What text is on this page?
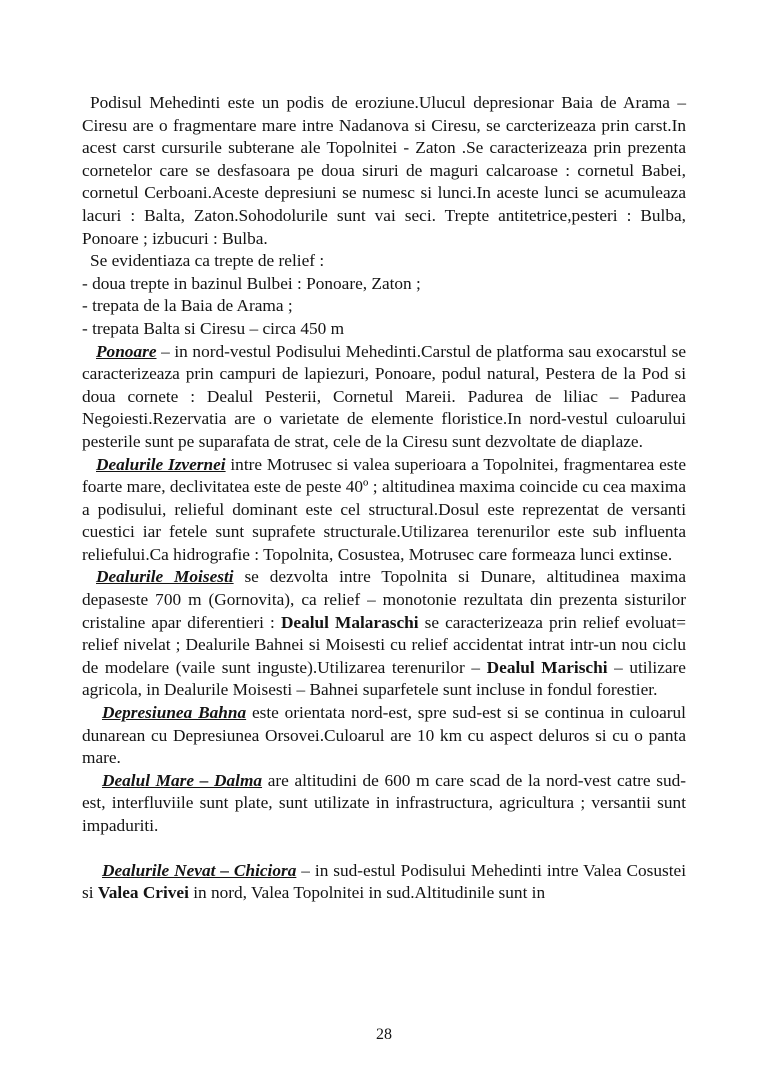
Podisul Mehedinti este un podis de eroziune.Ulucul depresionar Baia de Arama – Ciresu are o fragmentare mare intre Nadanova si Ciresu, se carcterizeaza prin carst.In acest carst cursurile subterane ale Topolnitei - Zaton .Se caracterizeaza prin prezenta cornetelor care se desfasoara pe doua siruri de maguri calcaroase : cornetul Babei, cornetul Cerboani.Aceste depresiuni se numesc si lunci.In aceste lunci se acumuleaza lacuri : Balta, Zaton.Sohodolurile sunt vai seci. Trepte antitetrice,pesteri : Bulba, Ponoare ; izbucuri : Bulba.

Se evidentiaza ca trepte de relief :

- doua trepte in bazinul Bulbei : Ponoare, Zaton ;

- trepata de la Baia de Arama ;

- trepata Balta si Ciresu – circa 450 m

Ponoare – in nord-vestul Podisului Mehedinti.Carstul de platforma sau exocarstul se caracterizeaza prin campuri de lapiezuri, Ponoare, podul natural, Pestera de la Pod si doua cornete : Dealul Pesterii, Cornetul Mareii. Padurea de liliac – Padurea Negoiesti.Rezervatia are o varietate de elemente floristice.In nord-vestul culoarului pesterile sunt pe suparafata de strat, cele de la Ciresu sunt dezvoltate de diaplaze.

Dealurile Izvernei intre Motrusec si valea superioara a Topolnitei, fragmentarea este foarte mare, declivitatea este de peste 40º ; altitudinea maxima coincide cu cea maxima a podisului, relieful dominant este cel structural.Dosul este reprezentat de versanti cuestici iar fetele sunt suprafete structurale.Utilizarea terenurilor este sub influenta reliefului.Ca hidrografie : Topolnita, Cosustea, Motrusec care formeaza lunci extinse.

Dealurile Moisesti se dezvolta intre Topolnita si Dunare, altitudinea maxima depaseste 700 m (Gornovita), ca relief – monotonie rezultata din prezenta sisturilor cristaline apar diferentieri : Dealul Malaraschi se caracterizeaza prin relief evoluat= relief nivelat ; Dealurile Bahnei si Moisesti cu relief accidentat intrat intr-un nou ciclu de modelare (vaile sunt inguste).Utilizarea terenurilor – Dealul Marischi – utilizare agricola, in Dealurile Moisesti – Bahnei suparfetele sunt incluse in fondul forestier.

Depresiunea Bahna este orientata nord-est, spre sud-est si se continua in culoarul dunarean cu Depresiunea Orsovei.Culoarul are 10 km cu aspect deluros si cu o panta mare.

Dealul Mare – Dalma are altitudini de 600 m care scad de la nord-vest catre sud-est, interfluviile sunt plate, sunt utilizate in infrastructura, agricultura ; versantii sunt impaduriti.

Dealurile Nevat – Chiciora – in sud-estul Podisului Mehedinti intre Valea Cosustei si Valea Crivei in nord, Valea Topolnitei in sud.Altitudinile sunt in

28
